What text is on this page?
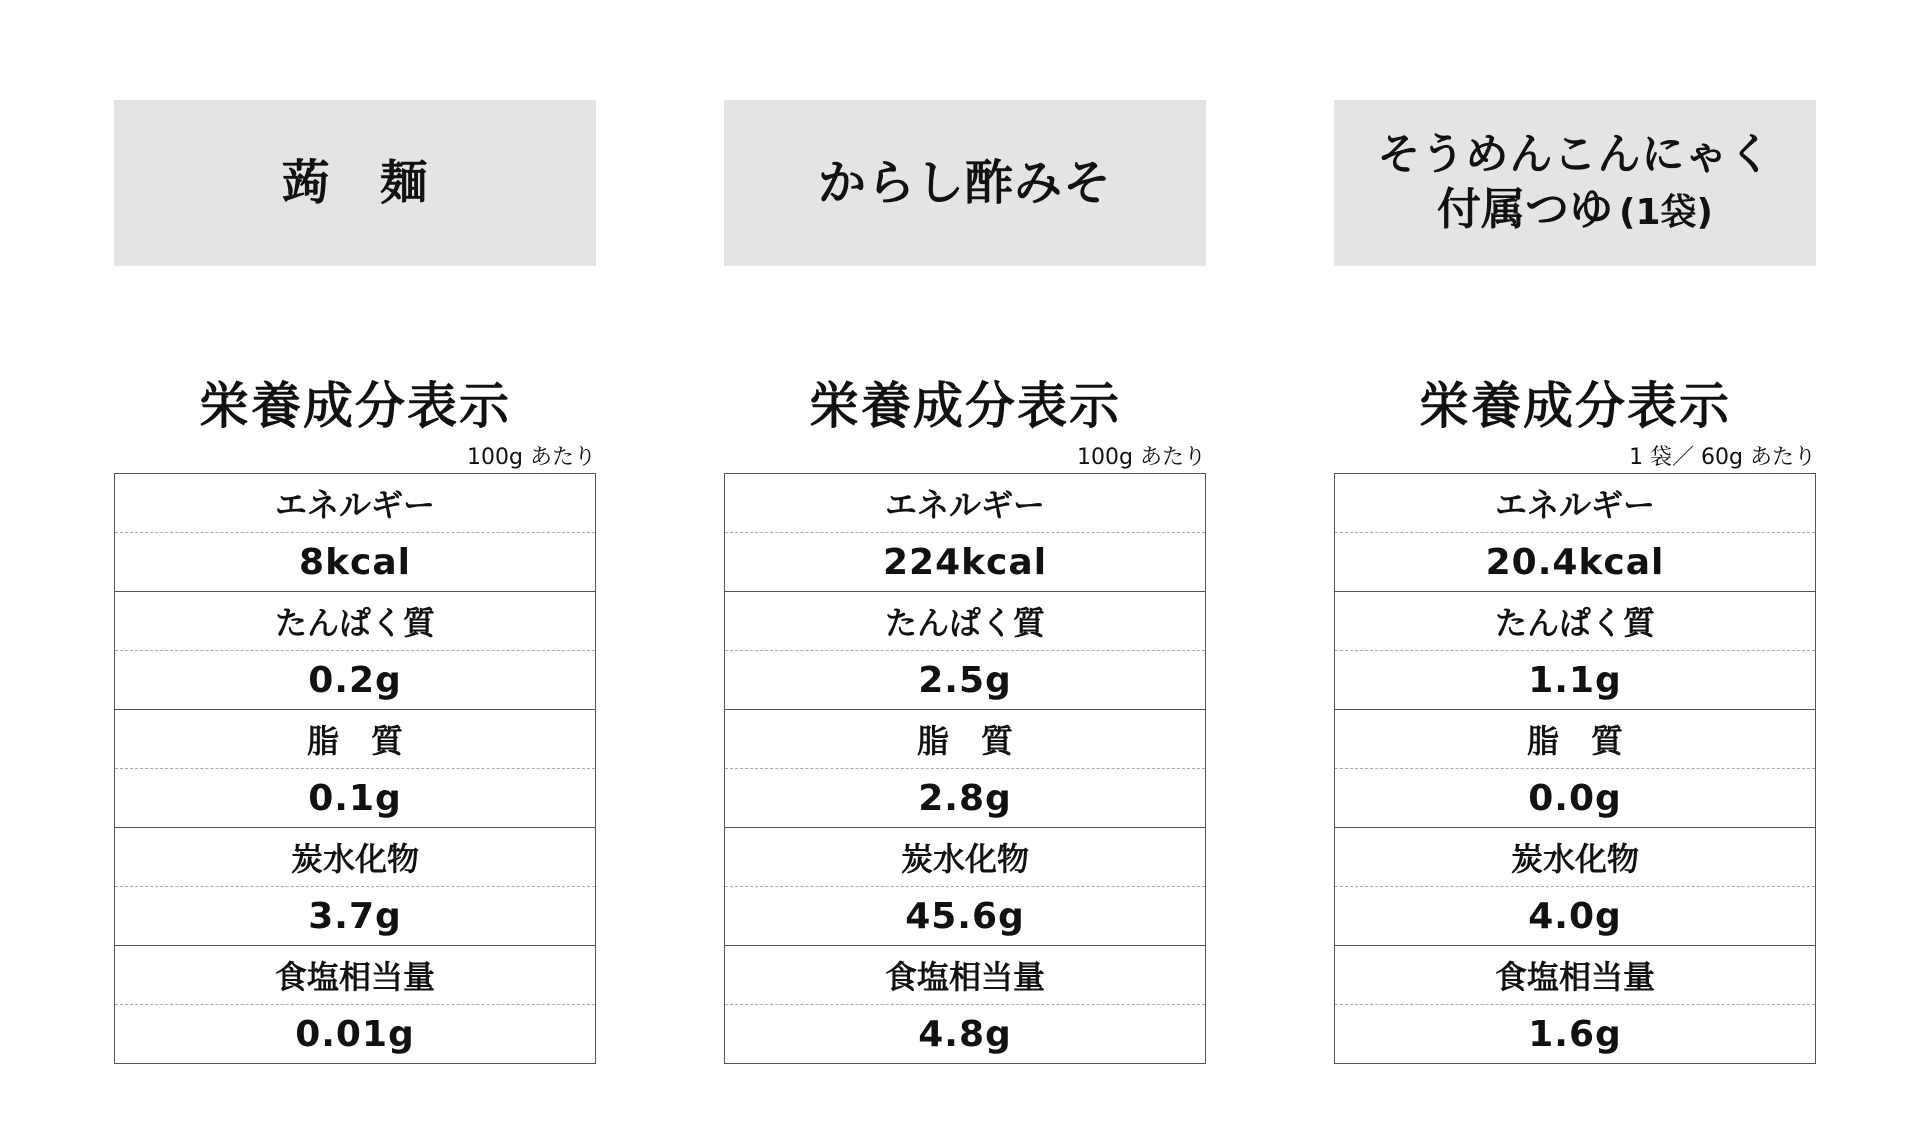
蒟　麺
栄養成分表示
100g あたり
エネルギー
8kcal
たんぱく質
0.2g
脂　質
0.1g
炭水化物
3.7g
食塩相当量
0.01g
からし酢みそ
栄養成分表示
100g あたり
エネルギー
224kcal
たんぱく質
2.5g
脂　質
2.8g
炭水化物
45.6g
食塩相当量
4.8g
そうめんこんにゃく
付属つゆ (1袋)
栄養成分表示
1 袋／ 60g あたり
エネルギー
20.4kcal
たんぱく質
1.1g
脂　質
0.0g
炭水化物
4.0g
食塩相当量
1.6g
